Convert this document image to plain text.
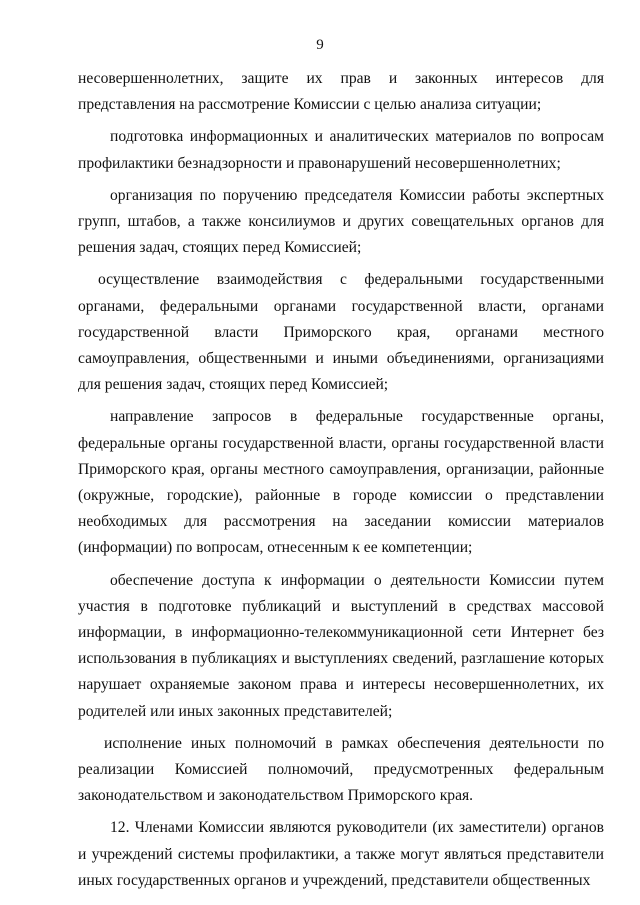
9

несовершеннолетних, защите их прав и законных интересов для представления на рассмотрение Комиссии с целью анализа ситуации;

подготовка информационных и аналитических материалов по вопросам профилактики безнадзорности и правонарушений несовершеннолетних;

организация по поручению председателя Комиссии работы экспертных групп, штабов, а также консилиумов и других совещательных органов для решения задач, стоящих перед Комиссией;

осуществление взаимодействия с федеральными государственными органами, федеральными органами государственной власти, органами государственной власти Приморского края, органами местного самоуправления, общественными и иными объединениями, организациями для решения задач, стоящих перед Комиссией;

направление запросов в федеральные государственные органы, федеральные органы государственной власти, органы государственной власти Приморского края, органы местного самоуправления, организации, районные (окружные, городские), районные в городе комиссии о представлении необходимых для рассмотрения на заседании комиссии материалов (информации) по вопросам, отнесенным к ее компетенции;

обеспечение доступа к информации о деятельности Комиссии путем участия в подготовке публикаций и выступлений в средствах массовой информации, в информационно-телекоммуникационной сети Интернет без использования в публикациях и выступлениях сведений, разглашение которых нарушает охраняемые законом права и интересы несовершеннолетних, их родителей или иных законных представителей;

исполнение иных полномочий в рамках обеспечения деятельности по реализации Комиссией полномочий, предусмотренных федеральным законодательством и законодательством Приморского края.

12. Членами Комиссии являются руководители (их заместители) органов и учреждений системы профилактики, а также могут являться представители иных государственных органов и учреждений, представители общественных
